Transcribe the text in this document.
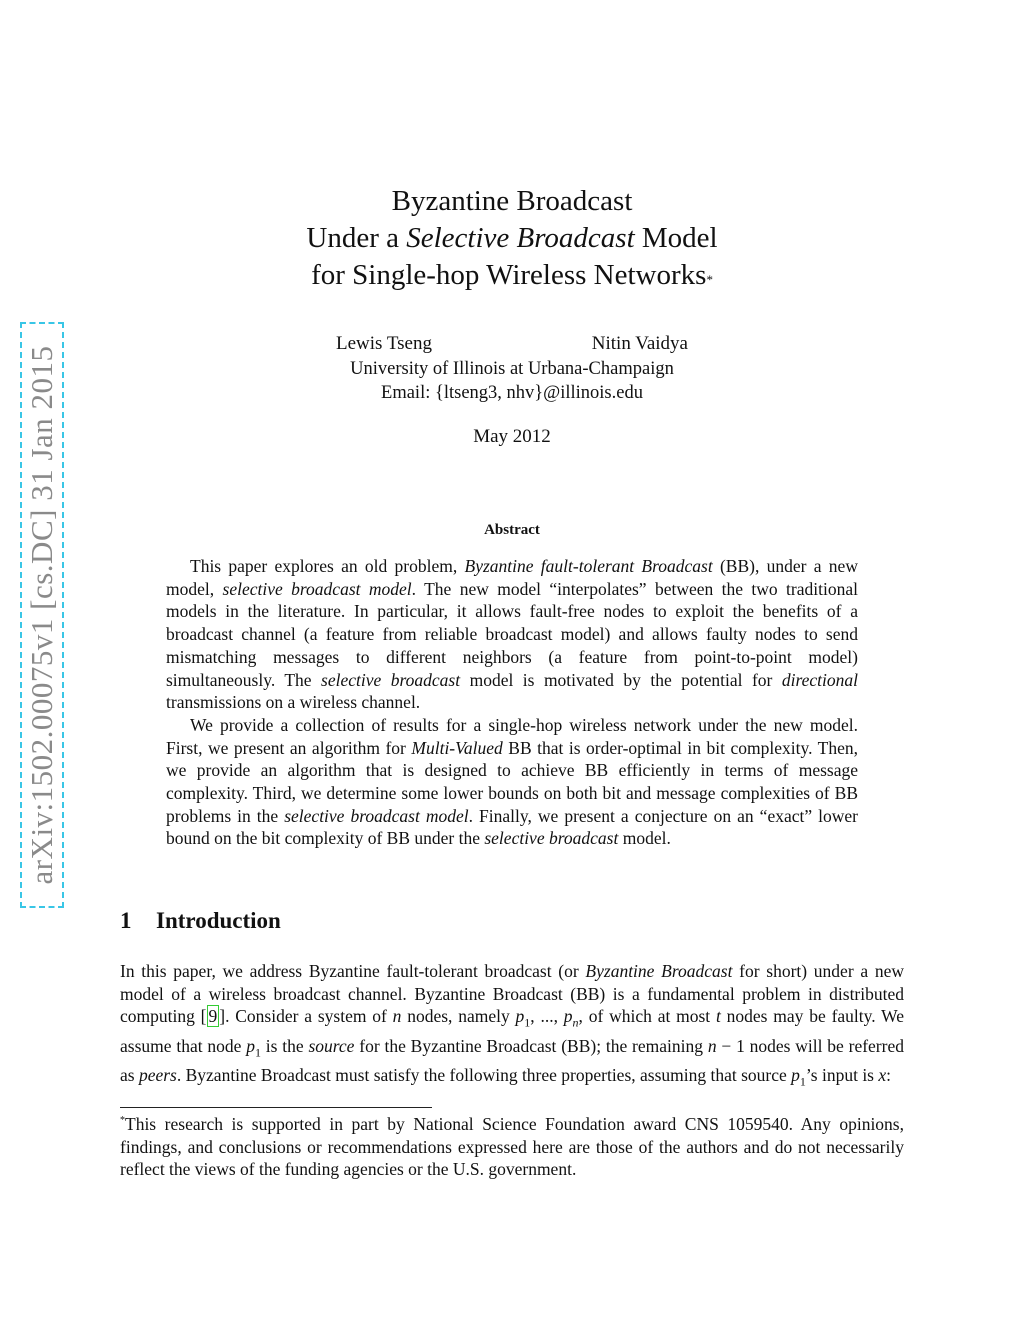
arXiv:1502.00075v1 [cs.DC] 31 Jan 2015
Byzantine Broadcast
Under a Selective Broadcast Model
for Single-hop Wireless Networks*
Lewis Tseng	Nitin Vaidya
University of Illinois at Urbana-Champaign
Email: {ltseng3, nhv}@illinois.edu
May 2012
Abstract

This paper explores an old problem, Byzantine fault-tolerant Broadcast (BB), under a new model, selective broadcast model. The new model “interpolates” between the two traditional models in the literature. In particular, it allows fault-free nodes to exploit the benefits of a broadcast channel (a feature from reliable broadcast model) and allows faulty nodes to send mismatching messages to different neighbors (a feature from point-to-point model) simultaneously. The selective broadcast model is motivated by the potential for directional transmissions on a wireless channel.

We provide a collection of results for a single-hop wireless network under the new model. First, we present an algorithm for Multi-Valued BB that is order-optimal in bit complexity. Then, we provide an algorithm that is designed to achieve BB efficiently in terms of message complexity. Third, we determine some lower bounds on both bit and message complexities of BB problems in the selective broadcast model. Finally, we present a conjecture on an “exact” lower bound on the bit complexity of BB under the selective broadcast model.

1 Introduction

In this paper, we address Byzantine fault-tolerant broadcast (or Byzantine Broadcast for short) under a new model of a wireless broadcast channel. Byzantine Broadcast (BB) is a fundamental problem in distributed computing [ 9 ]. Consider a system of n nodes, namely $p_1$, ..., $p_n$, of which at most t nodes may be faulty. We assume that node $p_1$ is the source for the Byzantine Broadcast (BB); the remaining n − 1 nodes will be referred as peers. Byzantine Broadcast must satisfy the following three properties, assuming that source $p_1’s$ input is x:

*This research is supported in part by National Science Foundation award CNS 1059540. Any opinions, findings, and conclusions or recommendations expressed here are those of the authors and do not necessarily reflect the views of the funding agencies or the U.S. government.
